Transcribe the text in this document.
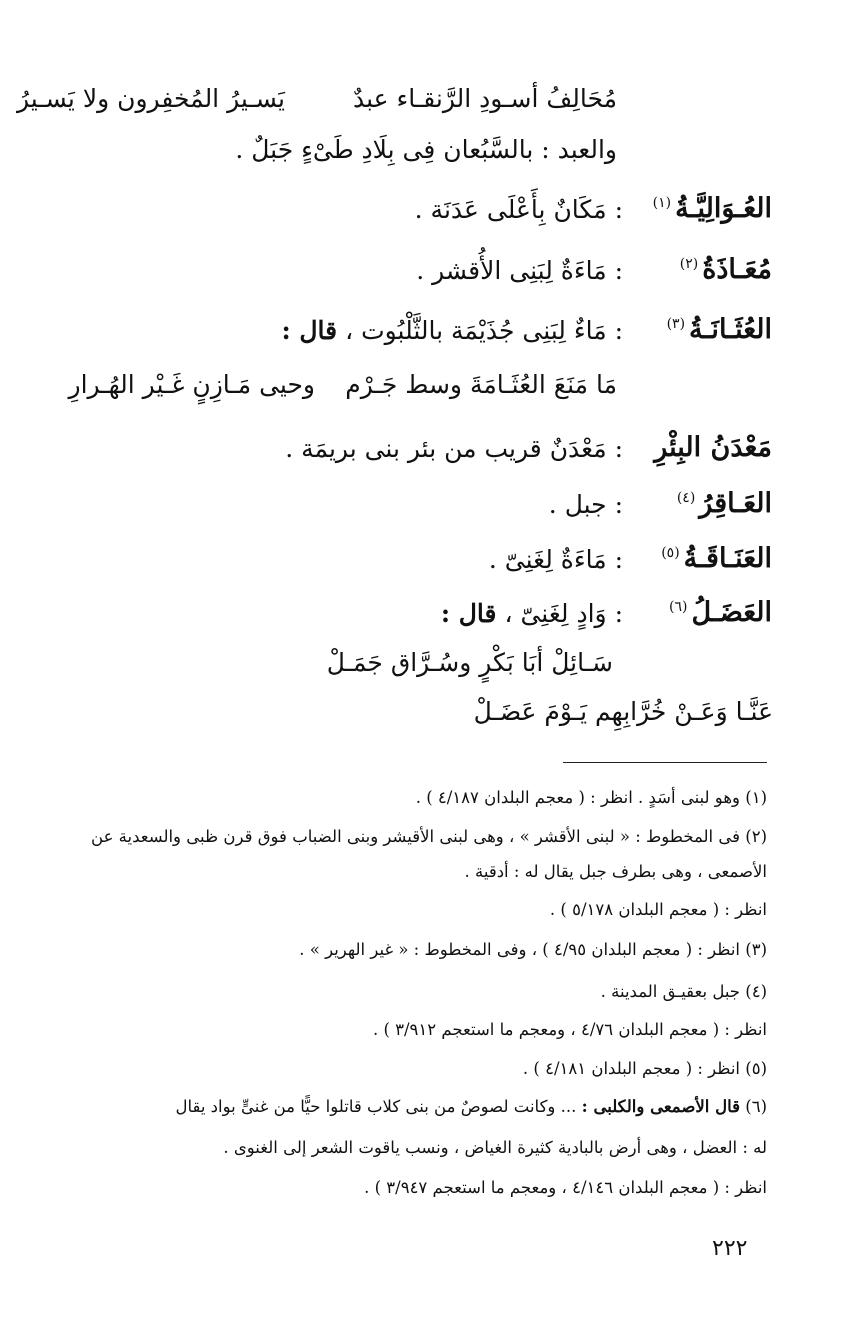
مُحَالِفُ أسـودِ الرَّنقـاء عبدٌ
يَسـيرُ المُخفِرون ولا يَسـيرُ
والعبد : بالسَّبُعان فِى بِلَادِ طَىْءٍ جَبَلٌ .
العُـوَالِيَّـةُ$^{(١)}$
: مَكَانٌ بِأَعْلَى عَدَنَة .
مُعَـاذَةُ$^{(٢)}$
: مَاءَةٌ لِبَنِى الأُقشر .
العُثَـانَـةُ$^{(٣)}$
: مَاءٌ لِبَنِى جُذَيْمَة بالثَّلْبُوت ، قال :
مَا مَنَعَ العُثَـامَةَ وسط جَـرْم
وحيى مَـازِنٍ غَـيْر الهُـرارِ
مَعْدَنُ البِئْرِ
: مَعْدَنٌ قريب من بئر بنى بريمَة .
العَـاقِرُ$^{(٤)}$
: جبل .
العَنَـاقَـةُ$^{(٥)}$
: مَاءَةٌ لِغَنِىّ .
العَضَـلُ$^{(٦)}$
: وَادٍ لِغَنِىّ ، قال :
سَـائِلْ أبَا بَكْرٍ وسُـرَّاق جَمَـلْ
عَنَّـا وَعَـنْ خُرَّابِهِم يَـوْمَ عَضَـلْ
(١) وهو لبنى أسَدٍ . انظر : ( معجم البلدان ٤/١٨٧ ) .
(٢) فى المخطوط : « لبنى الأقشر » ، وهى لبنى الأقيشر وبنى الضباب فوق قرن ظبى والسعدية عن
الأصمعى ، وهى بطرف جبل يقال له : أدقية .
انظر : ( معجم البلدان ٥/١٧٨ ) .
(٣) انظر : ( معجم البلدان ٤/٩٥ ) ، وفى المخطوط : « غير الهرير » .
(٤) جبل بعقيـق المدينة .
انظر : ( معجم البلدان ٤/٧٦ ، ومعجم ما استعجم ٣/٩١٢ ) .
(٥) انظر : ( معجم البلدان ٤/١٨١ ) .
(٦) قال الأصمعى والكلبى : ... وكانت لصوصٌ من بنى كلاب قاتلوا حيًّا من غنىٍّ بواد يقال
له : العضل ، وهى أرض بالبادية كثيرة الغياض ، ونسب ياقوت الشعر إلى الغنوى .
انظر : ( معجم البلدان ٤/١٤٦ ، ومعجم ما استعجم ٣/٩٤٧ ) .
٢٢٢
